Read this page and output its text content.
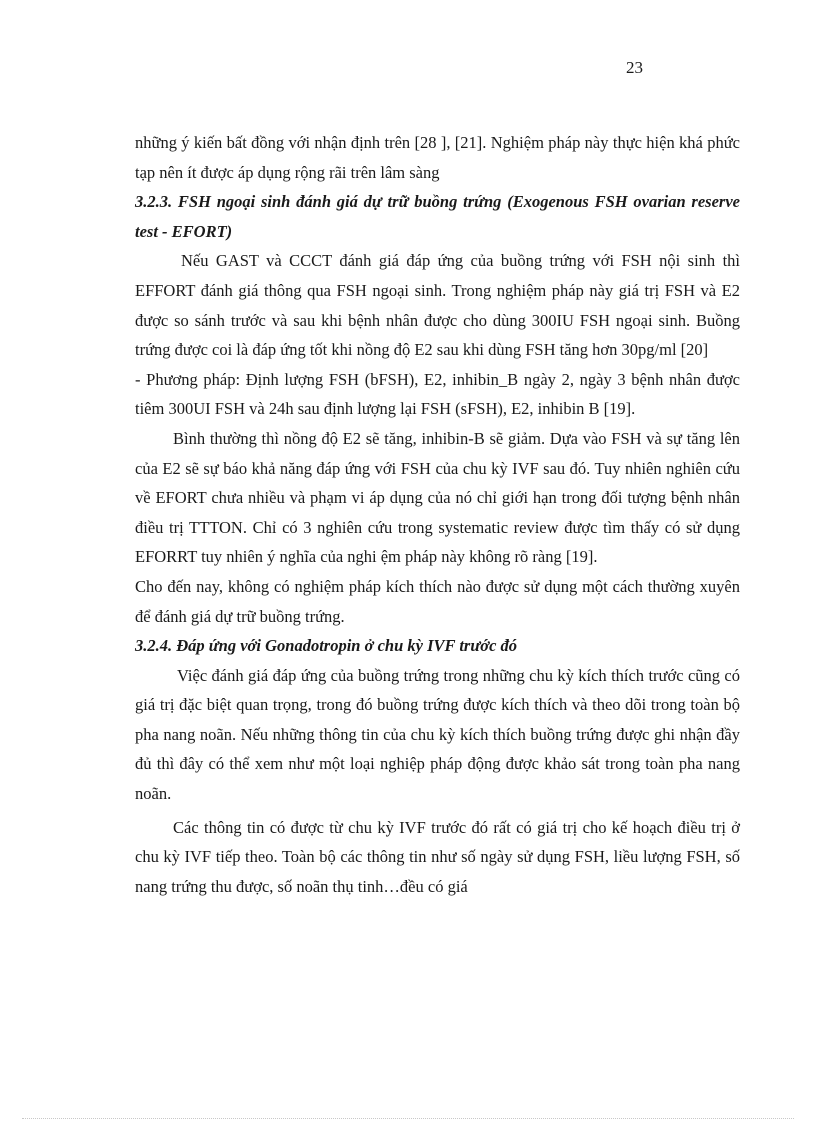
23

những ý kiến bất đồng với nhận định trên [28 ], [21]. Nghiệm pháp này thực hiện khá phức tạp nên ít được áp dụng rộng rãi trên lâm sàng

3.2.3. FSH ngoại sinh đánh giá dự trữ buồng trứng (Exogenous FSH ovarian reserve test - EFORT)

Nếu GAST và CCCT đánh giá đáp ứng của buồng trứng với FSH nội sinh thì EFFORT đánh giá thông qua FSH ngoại sinh. Trong nghiệm pháp này giá trị FSH và E2 được so sánh trước và sau khi bệnh nhân được cho dùng 300IU FSH ngoại sinh. Buồng trứng được coi là đáp ứng tốt khi nồng độ E2 sau khi dùng FSH tăng hơn 30pg/ml [20]

- Phương pháp: Định lượng FSH (bFSH), E2, inhibin_B ngày 2, ngày 3 bệnh nhân được tiêm 300UI FSH và 24h sau định lượng lại FSH (sFSH), E2, inhibin B [19].

Bình thường thì nồng độ E2 sẽ tăng, inhibin-B sẽ giảm. Dựa vào FSH và sự tăng lên của E2 sẽ sự báo khả năng đáp ứng với FSH của chu kỳ IVF sau đó. Tuy nhiên nghiên cứu về EFORT chưa nhiều và phạm vi áp dụng của nó chỉ giới hạn trong đối tượng bệnh nhân điều trị TTTON. Chỉ có 3 nghiên cứu trong systematic review được tìm thấy có sử dụng EFORRT tuy nhiên ý nghĩa của nghi ệm pháp này không rõ ràng [19].

Cho đến nay, không có nghiệm pháp kích thích nào được sử dụng một cách thường xuyên để đánh giá dự trữ buồng trứng.

3.2.4. Đáp ứng với Gonadotropin ở chu kỳ IVF trước đó

Việc đánh giá đáp ứng của buồng trứng trong những chu kỳ kích thích trước cũng có giá trị đặc biệt quan trọng, trong đó buồng trứng được kích thích và theo dõi trong toàn bộ pha nang noãn. Nếu những thông tin của chu kỳ kích thích buồng trứng được ghi nhận đầy đủ thì đây có thể xem như một loại nghiệp pháp động được khảo sát trong toàn pha nang noãn.

Các thông tin có được từ chu kỳ IVF trước đó rất có giá trị cho kế hoạch điều trị ở chu kỳ IVF tiếp theo. Toàn bộ các thông tin như số ngày sử dụng FSH, liều lượng FSH, số nang trứng thu được, số noãn thụ tinh…đều có giá
